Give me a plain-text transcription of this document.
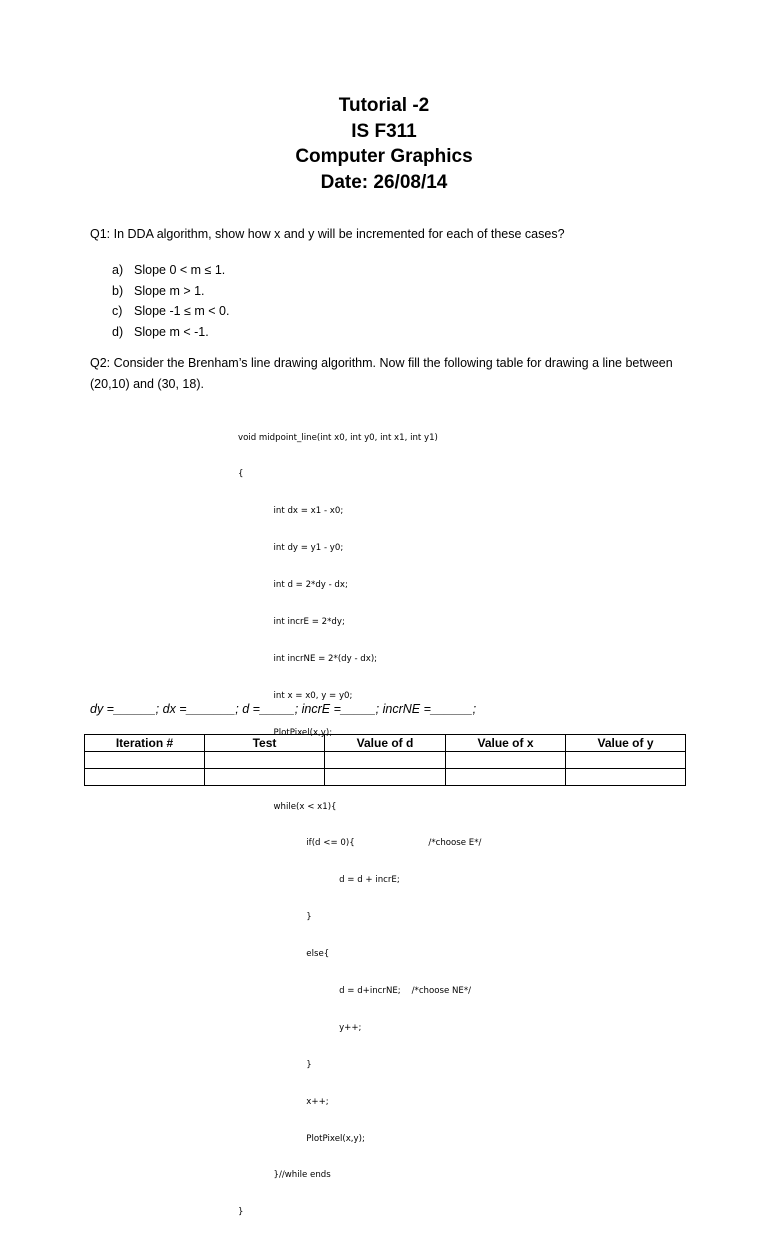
Tutorial -2
IS F311
Computer Graphics
Date: 26/08/14
Q1: In DDA algorithm, show how x and y will be incremented for each of these cases?
a) Slope 0 < m ≤ 1.
b) Slope m > 1.
c) Slope -1 ≤ m < 0.
d) Slope m < -1.
Q2: Consider the Brenham’s line drawing algorithm. Now fill the following table for drawing a line between (20,10) and (30, 18).

void midpoint_line(int x0, int y0, int x1, int y1)

{

int dx = x1 - x0;

int dy = y1 - y0;

int d = 2*dy - dx;

int incrE = 2*dy;

int incrNE = 2*(dy - dx);

int x = x0, y = y0;

PlotPixel(x,y);

while(x < x1){

if(d <= 0){                           /*choose E*/

d = d + incrE;

}

else{

d = d+incrNE;    /*choose NE*/

y++;

}

x++;

PlotPixel(x,y);

}//while ends

}

dy =______; dx =_______; d =_____; incrE =_____; incrNE =______;
Iteration #	Test	Value of d	Value of x	Value of y
